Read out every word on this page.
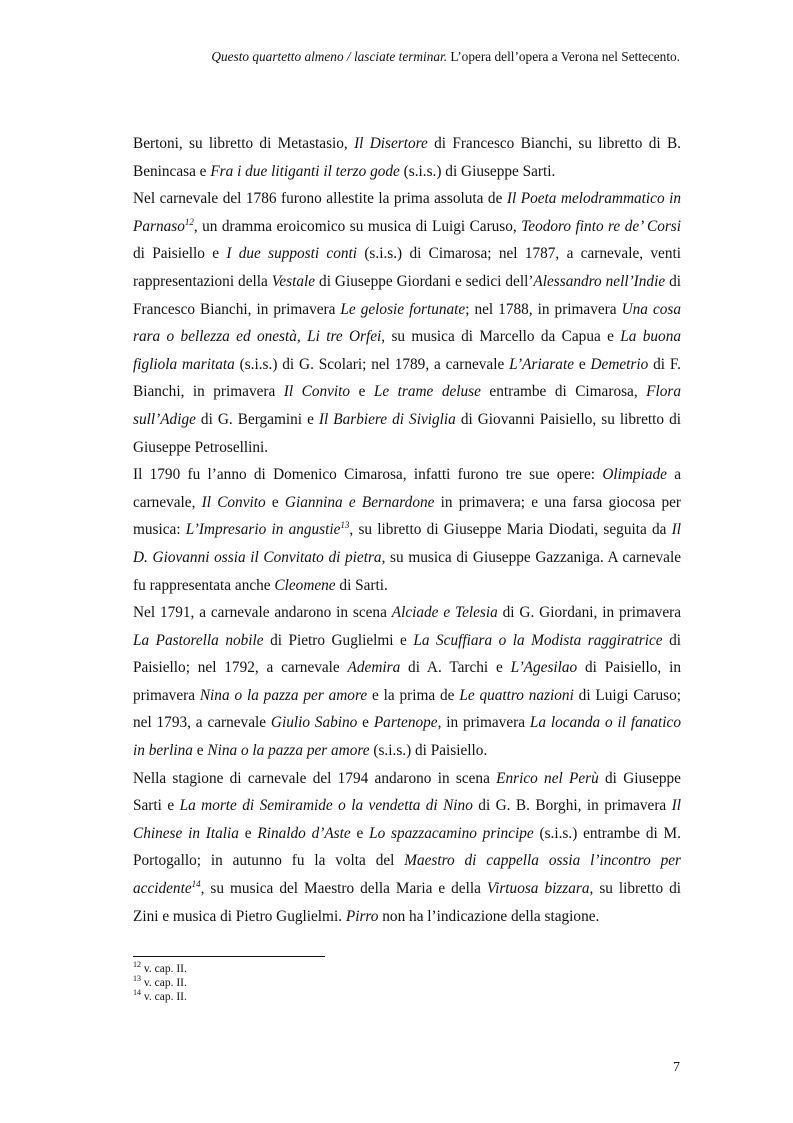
Questo quartetto almeno / lasciate terminar. L’opera dell’opera a Verona nel Settecento.

Bertoni, su libretto di Metastasio, Il Disertore di Francesco Bianchi, su libretto di B. Benincasa e Fra i due litiganti il terzo gode (s.i.s.) di Giuseppe Sarti.

Nel carnevale del 1786 furono allestite la prima assoluta de Il Poeta melodrammatico in Parnaso$^{12}$, un dramma eroicomico su musica di Luigi Caruso, Teodoro finto re de’ Corsi di Paisiello e I due supposti conti (s.i.s.) di Cimarosa; nel 1787, a carnevale, venti rappresentazioni della Vestale di Giuseppe Giordani e sedici dell’Alessandro nell’Indie di Francesco Bianchi, in primavera Le gelosie fortunate; nel 1788, in primavera Una cosa rara o bellezza ed onestà, Li tre Orfei, su musica di Marcello da Capua e La buona figliola maritata (s.i.s.) di G. Scolari; nel 1789, a carnevale L’Ariarate e Demetrio di F. Bianchi, in primavera Il Convito e Le trame deluse entrambe di Cimarosa, Flora sull’Adige di G. Bergamini e Il Barbiere di Siviglia di Giovanni Paisiello, su libretto di Giuseppe Petrosellini.

Il 1790 fu l’anno di Domenico Cimarosa, infatti furono tre sue opere: Olimpiade a carnevale, Il Convito e Giannina e Bernardone in primavera; e una farsa giocosa per musica: L’Impresario in angustie$^{13}$, su libretto di Giuseppe Maria Diodati, seguita da Il D. Giovanni ossia il Convitato di pietra, su musica di Giuseppe Gazzaniga. A carnevale fu rappresentata anche Cleomene di Sarti.

Nel 1791, a carnevale andarono in scena Alciade e Telesia di G. Giordani, in primavera La Pastorella nobile di Pietro Guglielmi e La Scuffiara o la Modista raggiratrice di Paisiello; nel 1792, a carnevale Ademira di A. Tarchi e L’Agesilao di Paisiello, in primavera Nina o la pazza per amore e la prima de Le quattro nazioni di Luigi Caruso; nel 1793, a carnevale Giulio Sabino e Partenope, in primavera La locanda o il fanatico in berlina e Nina o la pazza per amore (s.i.s.) di Paisiello.

Nella stagione di carnevale del 1794 andarono in scena Enrico nel Perù di Giuseppe Sarti e La morte di Semiramide o la vendetta di Nino di G. B. Borghi, in primavera Il Chinese in Italia e Rinaldo d’Aste e Lo spazzacamino principe (s.i.s.) entrambe di M. Portogallo; in autunno fu la volta del Maestro di cappella ossia l’incontro per accidente$^{14}$, su musica del Maestro della Maria e della Virtuosa bizzara, su libretto di Zini e musica di Pietro Guglielmi. Pirro non ha l’indicazione della stagione.

$^{12}$ v. cap. II.
$^{13}$ v. cap. II.
$^{14}$ v. cap. II.
7
